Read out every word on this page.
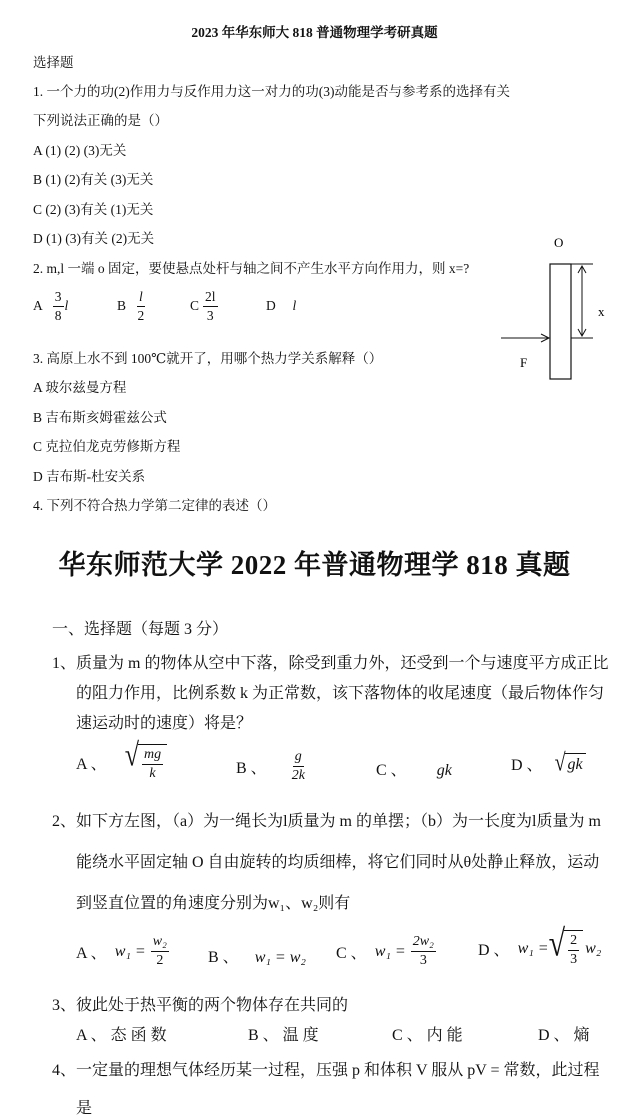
2023 年华东师大 818 普通物理学考研真题
选择题
1. 一个力的功(2)作用力与反作用力这一对力的功(3)动能是否与参考系的选择有关
下列说法正确的是（）
A (1) (2) (3)无关
B (1) (2)有关 (3)无关
C (2) (3)有关 (1)无关
D (1) (3)有关 (2)无关
2. m,l 一端 o 固定，要使悬点处杆与轴之间不产生水平方向作用力，则 x=?
A $\frac{3}{8}$ l	B $\frac{l}{2}$	C $\frac{2l}{3}$	D l
O
x
F
3. 高原上水不到 100℃就开了，用哪个热力学关系解释（）
A 玻尔兹曼方程
B 吉布斯亥姆霍兹公式
C 克拉伯龙克劳修斯方程
D 吉布斯-杜安关系
4. 下列不符合热力学第二定律的表述（）
华东师范大学 2022 年普通物理学 818 真题
一、选择题（每题 3 分）
1、质量为 m 的物体从空中下落，除受到重力外，还受到一个与速度平方成正比
的阻力作用，比例系数 k 为正常数，该下落物体的收尾速度（最后物体作匀
速运动时的速度）将是？
A 、 √ $\frac{mg}{k}$	B 、 $\frac{g}{2k}$	C 、 gk	D 、 √ gk
2、如下方左图，（a）为一绳长为l质量为 m 的单摆；（b）为一长度为l质量为 m
能绕水平固定轴 O 自由旋转的均质细棒，将它们同时从θ处静止释放，运动
到竖直位置的角速度分别为w₁、w₂则有
A 、 $w_1 = \frac{\text{w₂}}{2}$ B 、 w₁ = w₂ C 、 $w_1 = \frac{\text{2w₂}}{3}$	D 、 w₁ = √ $\frac{2}{3} w_2$
3、彼此处于热平衡的两个物体存在共同的
A 、 态 函 数	B 、 温 度	C 、 内 能	D 、 熵
4、一定量的理想气体经历某一过程，压强 p 和体积 V 服从 pV = 常数，此过程
是
